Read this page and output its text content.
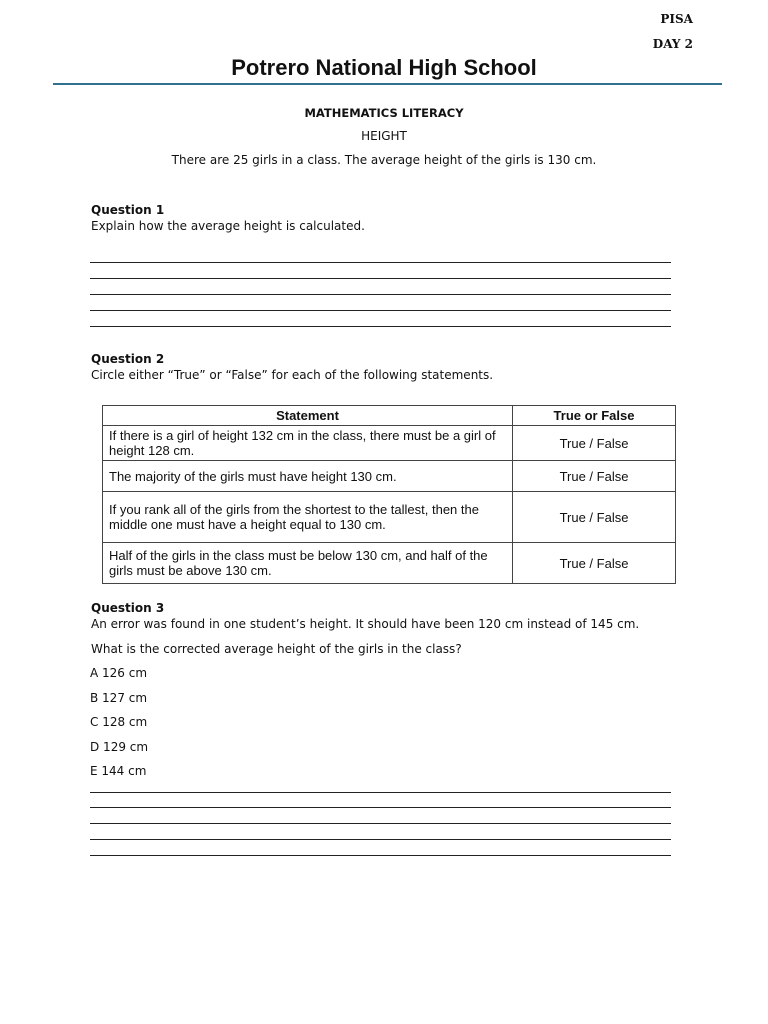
PISA
DAY 2
Potrero National High School
MATHEMATICS LITERACY
HEIGHT
There are 25 girls in a class. The average height of the girls is 130 cm.
Question 1
Explain how the average height is calculated.
Question 2
Circle either “True” or “False” for each of the following statements.
Statement	True or False
If there is a girl of height 132 cm in the class, there must be a girl of height 128 cm.	True / False
The majority of the girls must have height 130 cm.	True / False
If you rank all of the girls from the shortest to the tallest, then the middle one must have a height equal to 130 cm.	True / False
Half of the girls in the class must be below 130 cm, and half of the girls must be above 130 cm.	True / False
Question 3
An error was found in one student’s height. It should have been 120 cm instead of 145 cm.
What is the corrected average height of the girls in the class?
A 126 cm
B 127 cm
C 128 cm
D 129 cm
E 144 cm
